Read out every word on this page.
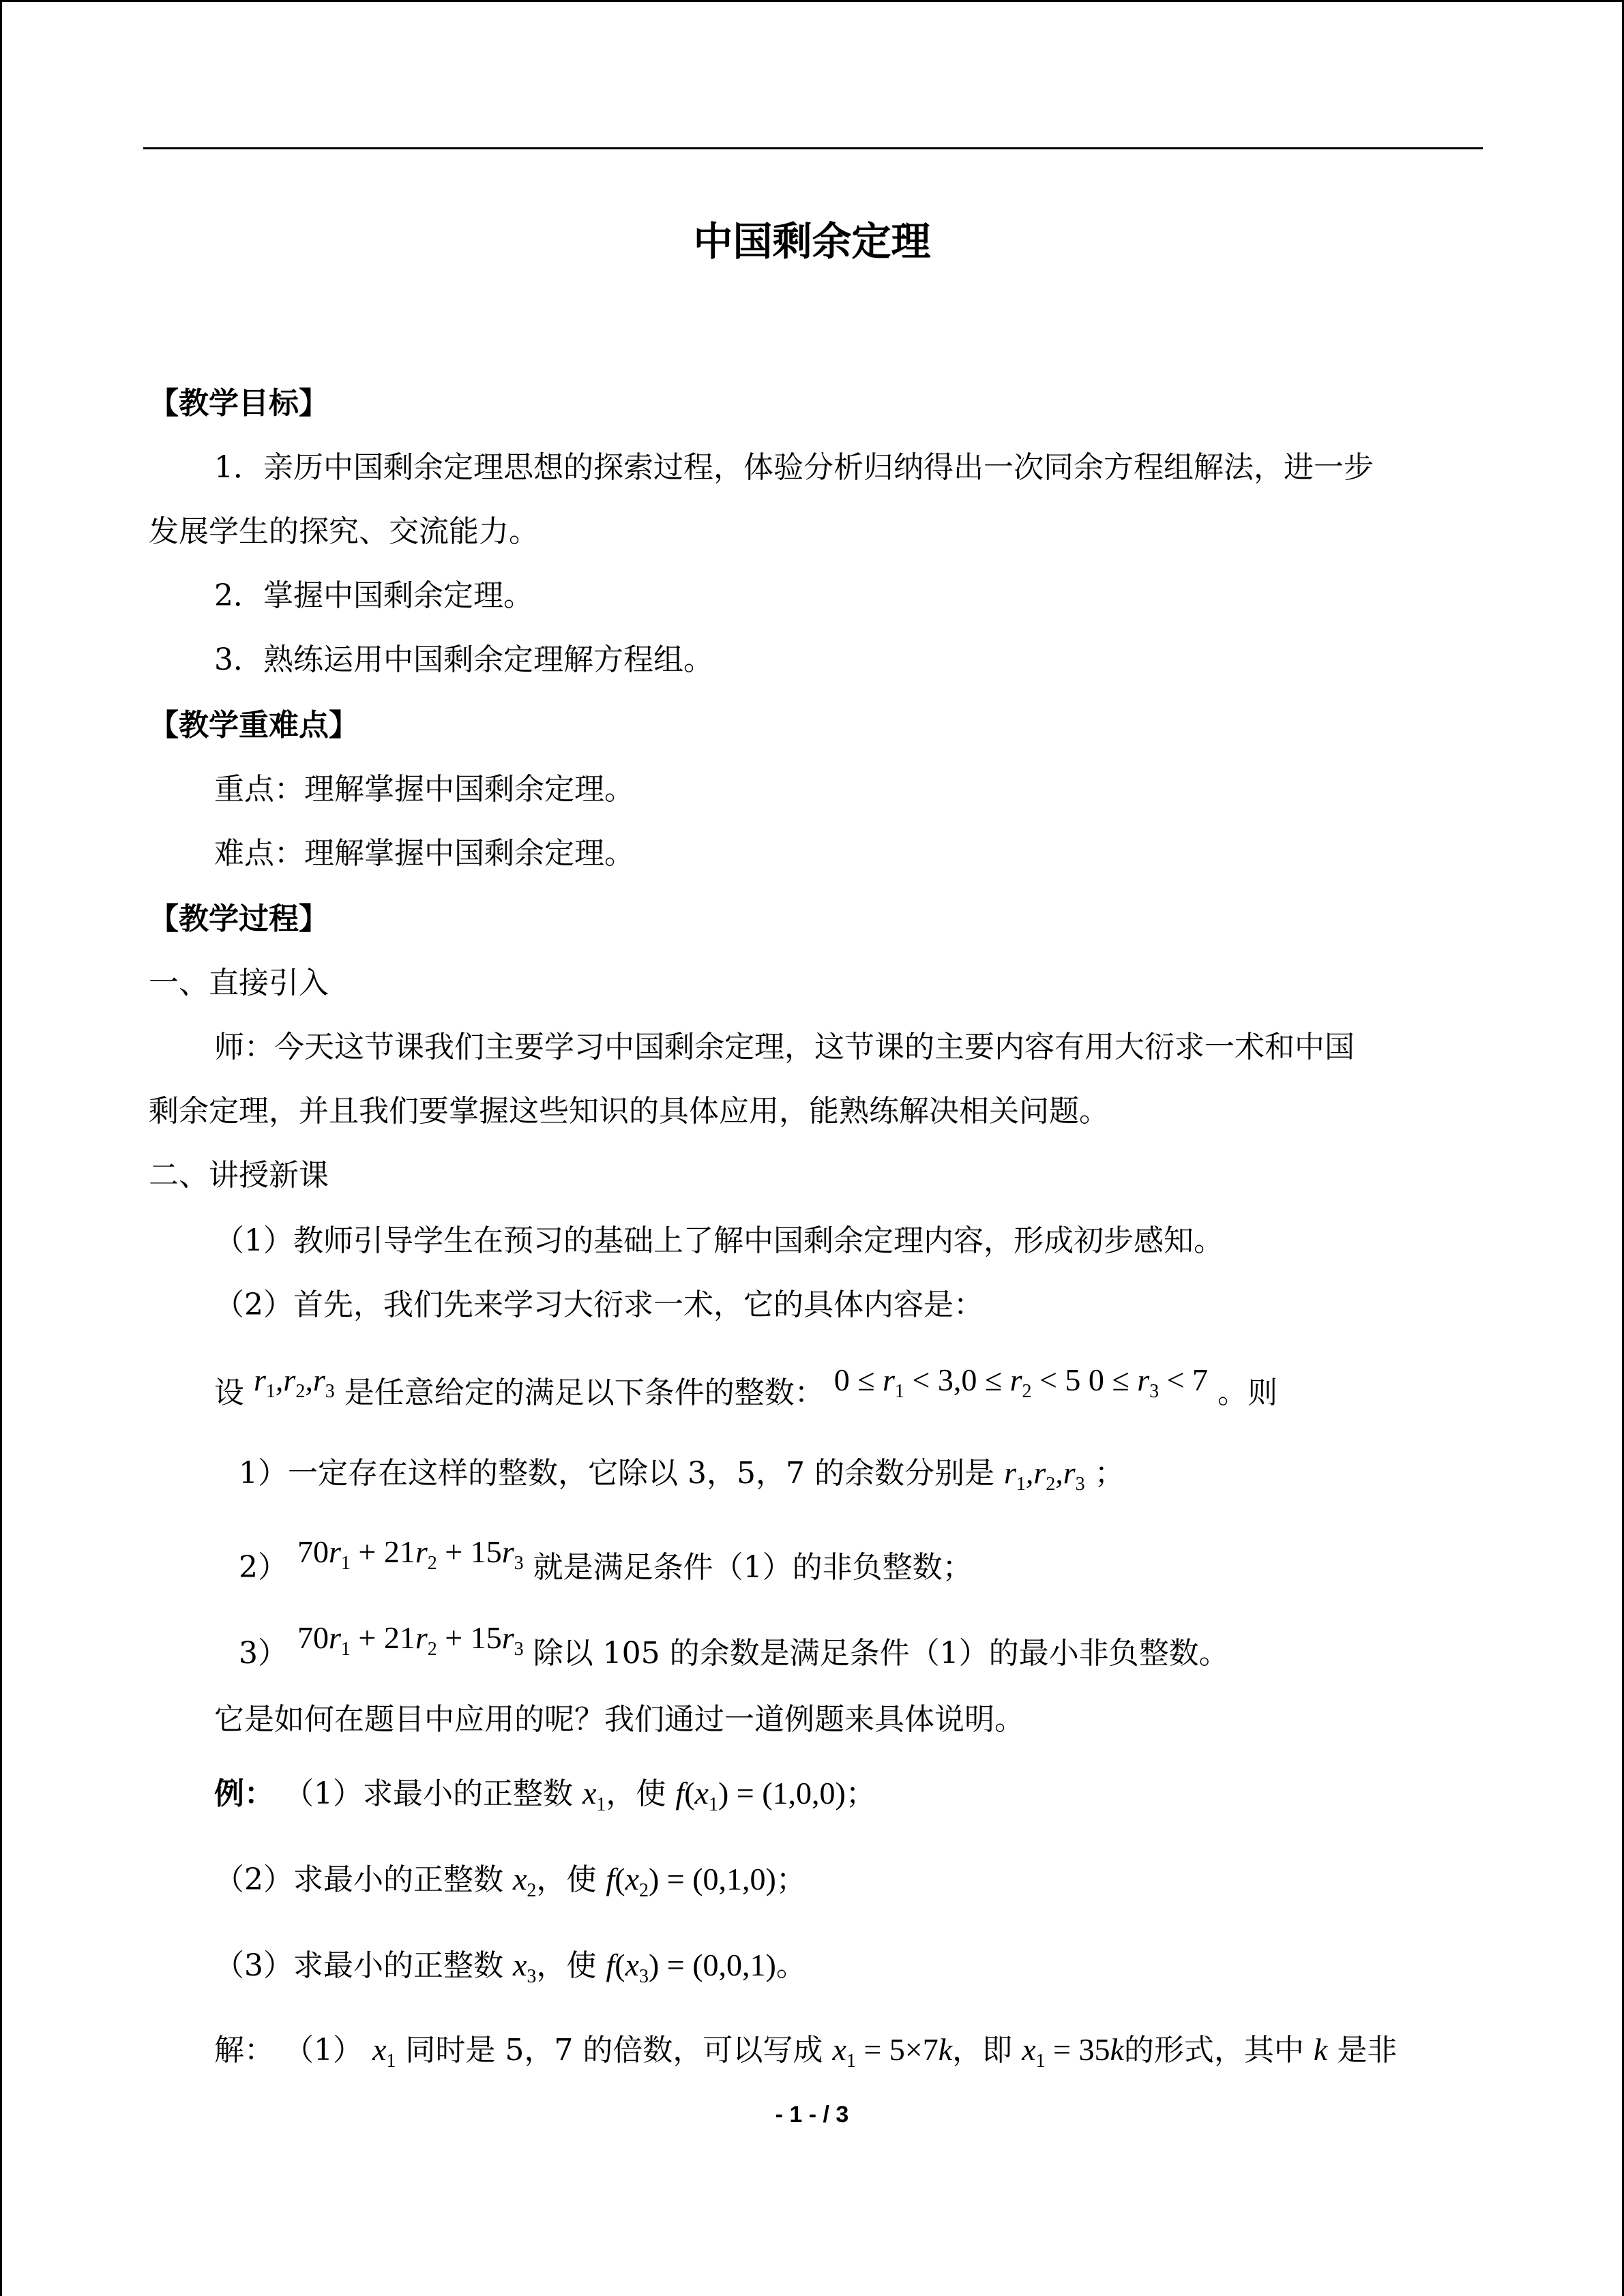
中国剩余定理
【教学目标】
1．亲历中国剩余定理思想的探索过程，体验分析归纳得出一次同余方程组解法，进一步
发展学生的探究、交流能力。
2．掌握中国剩余定理。
3．熟练运用中国剩余定理解方程组。
【教学重难点】
重点：理解掌握中国剩余定理。
难点：理解掌握中国剩余定理。
【教学过程】
一、直接引入
师：今天这节课我们主要学习中国剩余定理，这节课的主要内容有用大衍求一术和中国
剩余定理，并且我们要掌握这些知识的具体应用，能熟练解决相关问题。
二、讲授新课
（1）教师引导学生在预习的基础上了解中国剩余定理内容，形成初步感知。
（2）首先，我们先来学习大衍求一术，它的具体内容是：
设 $r_1,r_2,r_3$ 是任意给定的满足以下条件的整数： $0 \le r_1 < 3,0 \le r_2 < 5$ $0 \le r_3 < 7$ 。则
1）一定存在这样的整数，它除以 3，5，7 的余数分别是 $r_1,r_2,r_3$ ；
2） $70r_1 + 21r_2 + 15r_3$ 就是满足条件（1）的非负整数；
3） $70r_1 + 21r_2 + 15r_3$ 除以 105 的余数是满足条件（1）的最小非负整数。
它是如何在题目中应用的呢？我们通过一道例题来具体说明。
例： （1）求最小的正整数 $x_1$，使 $f(x_1) = (1,0,0)$；
（2）求最小的正整数 $x_2$，使 $f(x_2) = (0,1,0)$；
（3）求最小的正整数 $x_3$，使 $f(x_3) = (0,0,1)$。
解： （1） $x_1$ 同时是 5，7 的倍数，可以写成 $x_1 = 5\times 7k$，即 $x_1 = 35k$的形式，其中 k 是非
- 1 - / 3
